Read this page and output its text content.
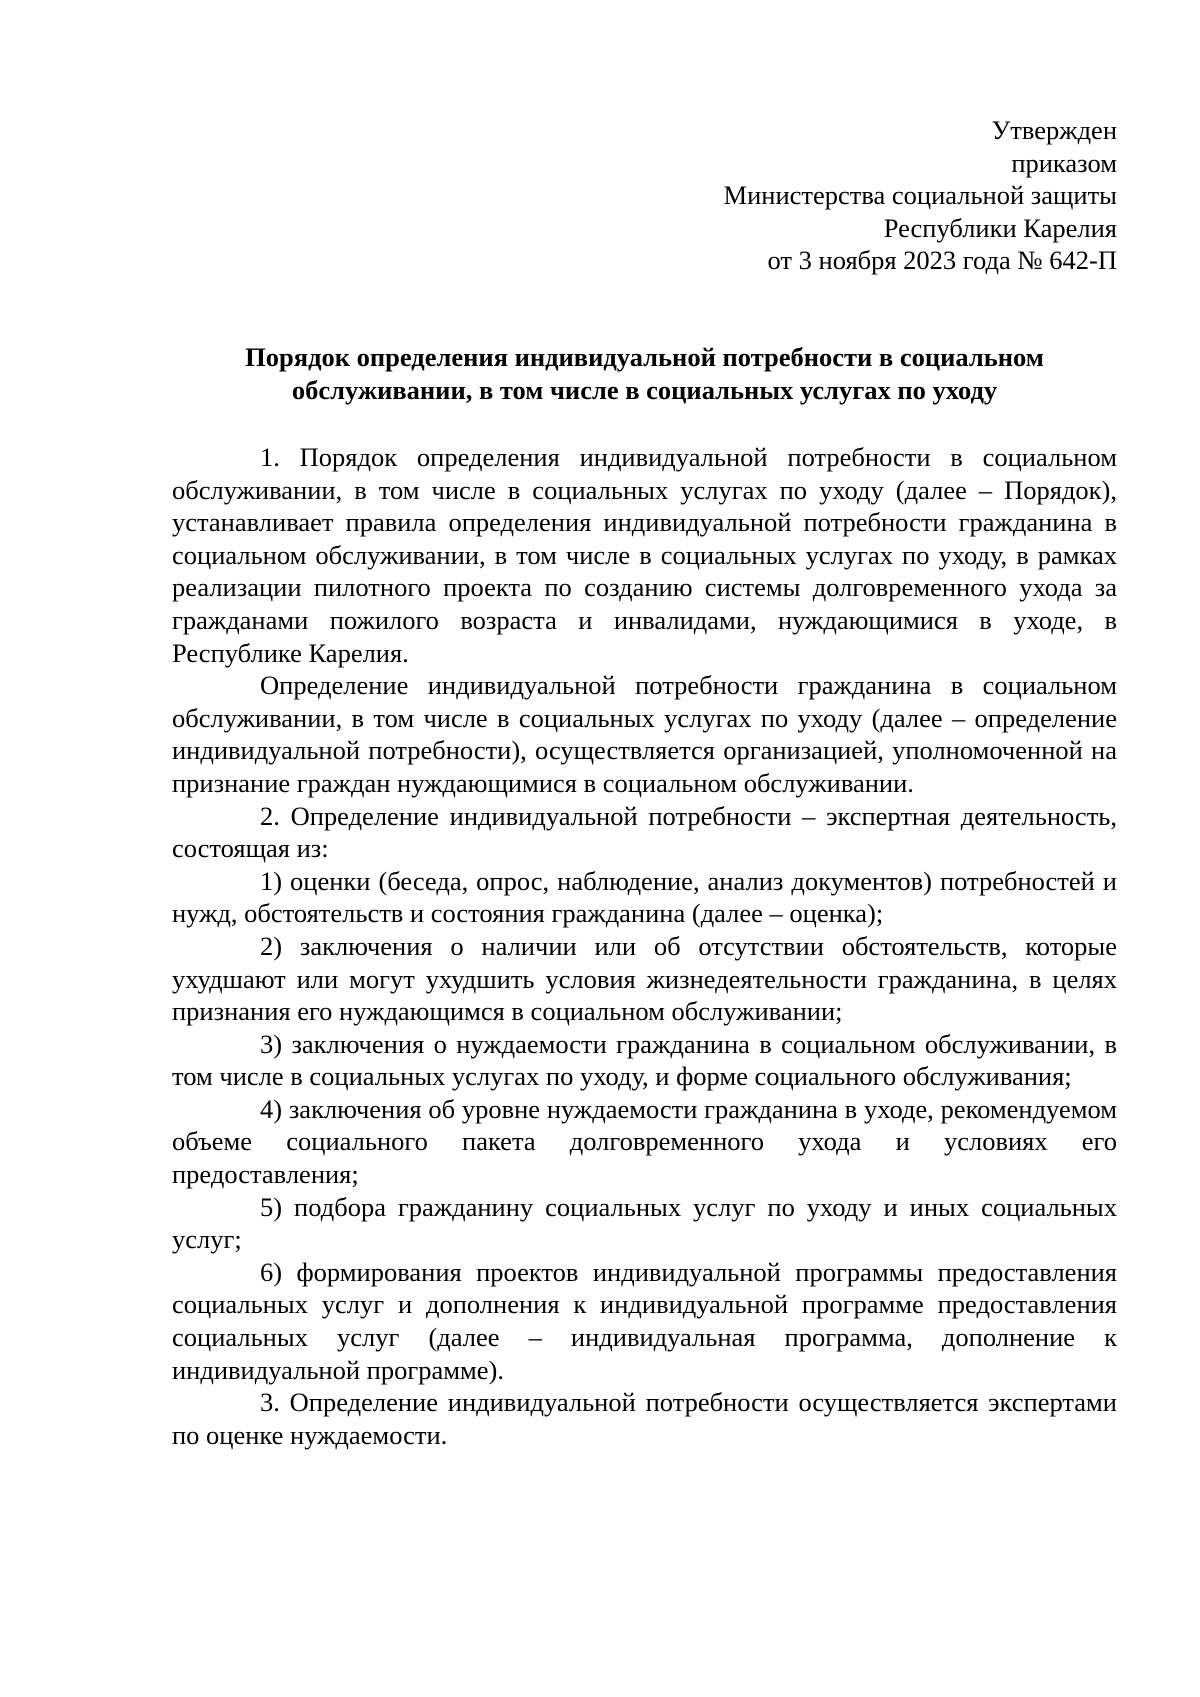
Утвержден
приказом
Министерства социальной защиты
Республики Карелия
от 3 ноября 2023 года № 642-П
Порядок определения индивидуальной потребности в социальном
обслуживании, в том числе в социальных услугах по уходу

1. Порядок определения индивидуальной потребности в социальном обслуживании, в том числе в социальных услугах по уходу (далее – Порядок), устанавливает правила определения индивидуальной потребности гражданина в социальном обслуживании, в том числе в социальных услугах по уходу, в рамках реализации пилотного проекта по созданию системы долговременного ухода за гражданами пожилого возраста и инвалидами, нуждающимися в уходе, в Республике Карелия.

Определение индивидуальной потребности гражданина в социальном обслуживании, в том числе в социальных услугах по уходу (далее – определение индивидуальной потребности), осуществляется организацией, уполномоченной на признание граждан нуждающимися в социальном обслуживании.

2. Определение индивидуальной потребности – экспертная деятельность, состоящая из:

1) оценки (беседа, опрос, наблюдение, анализ документов) потребностей и нужд, обстоятельств и состояния гражданина (далее – оценка);

2) заключения о наличии или об отсутствии обстоятельств, которые ухудшают или могут ухудшить условия жизнедеятельности гражданина, в целях признания его нуждающимся в социальном обслуживании;

3) заключения о нуждаемости гражданина в социальном обслуживании, в том числе в социальных услугах по уходу, и форме социального обслуживания;

4) заключения об уровне нуждаемости гражданина в уходе, рекомендуемом объеме социального пакета долговременного ухода и условиях его предоставления;

5) подбора гражданину социальных услуг по уходу и иных социальных услуг;

6) формирования проектов индивидуальной программы предоставления социальных услуг и дополнения к индивидуальной программе предоставления социальных услуг (далее – индивидуальная программа, дополнение к индивидуальной программе).

3. Определение индивидуальной потребности осуществляется экспертами по оценке нуждаемости.
